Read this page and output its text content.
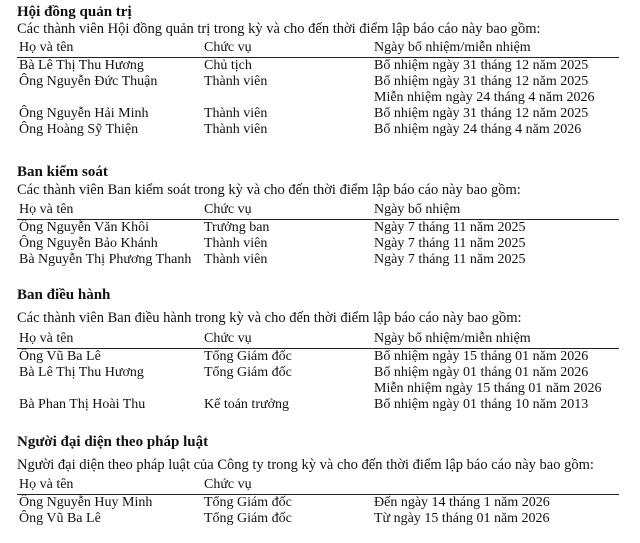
Hội đồng quản trị
Các thành viên Hội đồng quản trị trong kỳ và cho đến thời điểm lập báo cáo này bao gồm:
Họ và tên	Chức vụ	Ngày bổ nhiệm/miễn nhiệm
Bà Lê Thị Thu Hương	Chủ tịch	Bổ nhiệm ngày 31 tháng 12 năm 2025
Ông Nguyễn Đức Thuận	Thành viên	Bổ nhiệm ngày 31 tháng 12 năm 2025
Miễn nhiệm ngày 24 tháng 4 năm 2026
Ông Nguyễn Hải Minh	Thành viên	Bổ nhiệm ngày 31 tháng 12 năm 2025
Ông Hoàng Sỹ Thiện	Thành viên	Bổ nhiệm ngày 24 tháng 4 năm 2026
Ban kiểm soát
Các thành viên Ban kiểm soát trong kỳ và cho đến thời điểm lập báo cáo này bao gồm:
Họ và tên	Chức vụ	Ngày bổ nhiệm
Ông Nguyễn Văn Khôi	Trưởng ban	Ngày 7 tháng 11 năm 2025
Ông Nguyễn Bảo Khánh	Thành viên	Ngày 7 tháng 11 năm 2025
Bà Nguyễn Thị Phương Thanh Thành viên	Ngày 7 tháng 11 năm 2025
Ban điều hành
Các thành viên Ban điều hành trong kỳ và cho đến thời điểm lập báo cáo này bao gồm:
Họ và tên	Chức vụ	Ngày bổ nhiệm/miễn nhiệm
Ông Vũ Ba Lê	Tổng Giám đốc	Bổ nhiệm ngày 15 tháng 01 năm 2026
Bà Lê Thị Thu Hương	Tổng Giám đốc	Bổ nhiệm ngày 01 tháng 01 năm 2026
Miễn nhiệm ngày 15 tháng 01 năm 2026
Bà Phan Thị Hoài Thu	Kế toán trưởng	Bổ nhiệm ngày 01 tháng 10 năm 2013
Người đại diện theo pháp luật
Người đại diện theo pháp luật của Công ty trong kỳ và cho đến thời điểm lập báo cáo này bao gồm:
Họ và tên	Chức vụ
Ông Nguyễn Huy Minh	Tổng Giám đốc	Đến ngày 14 tháng 1 năm 2026
Ông Vũ Ba Lê	Tổng Giám đốc	Từ ngày 15 tháng 01 năm 2026
